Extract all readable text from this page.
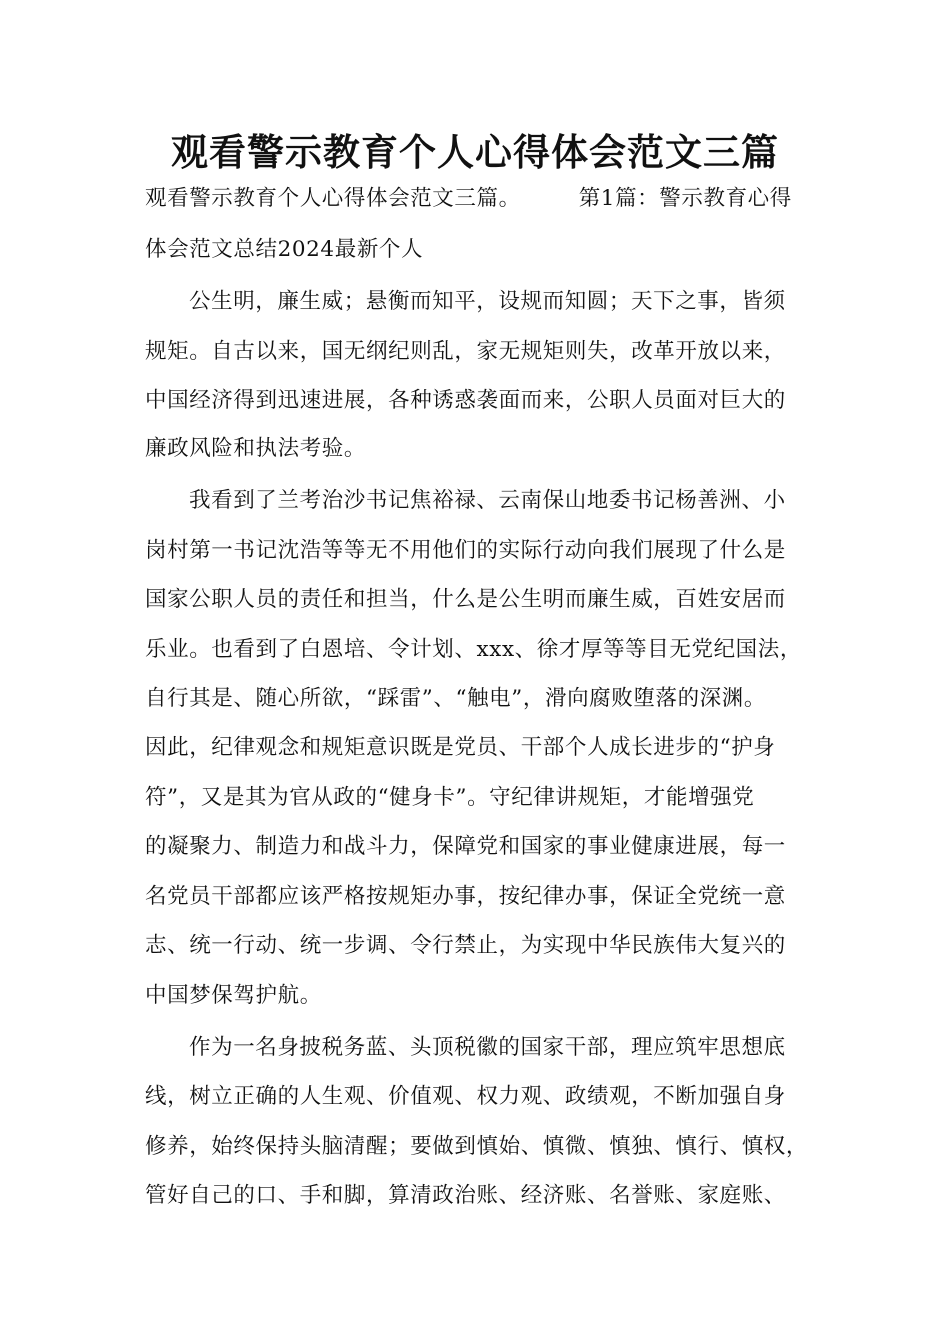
观看警示教育个人心得体会范文三篇
观看警示教育个人心得体会范文三篇。	第1篇：警示教育心得
体会范文总结2024最新个人
公生明，廉生威；悬衡而知平，设规而知圆；天下之事，皆须
规矩。自古以来，国无纲纪则乱，家无规矩则失，改革开放以来，
中国经济得到迅速进展，各种诱惑袭面而来，公职人员面对巨大的
廉政风险和执法考验。
我看到了兰考治沙书记焦裕禄、云南保山地委书记杨善洲、小
岗村第一书记沈浩等等无不用他们的实际行动向我们展现了什么是
国家公职人员的责任和担当，什么是公生明而廉生威，百姓安居而
乐业。也看到了白恩培、令计划、xxx、徐才厚等等目无党纪国法，
自行其是、随心所欲，“踩雷”、“触电”，滑向腐败堕落的深渊。
因此，纪律观念和规矩意识既是党员、干部个人成长进步的“护身
符”，又是其为官从政的“健身卡”。守纪律讲规矩，才能增强党
的凝聚力、制造力和战斗力，保障党和国家的事业健康进展，每一
名党员干部都应该严格按规矩办事，按纪律办事，保证全党统一意
志、统一行动、统一步调、令行禁止，为实现中华民族伟大复兴的
中国梦保驾护航。
作为一名身披税务蓝、头顶税徽的国家干部，理应筑牢思想底
线，树立正确的人生观、价值观、权力观、政绩观，不断加强自身
修养，始终保持头脑清醒；要做到慎始、慎微、慎独、慎行、慎权，
管好自己的口、手和脚，算清政治账、经济账、名誉账、家庭账、
